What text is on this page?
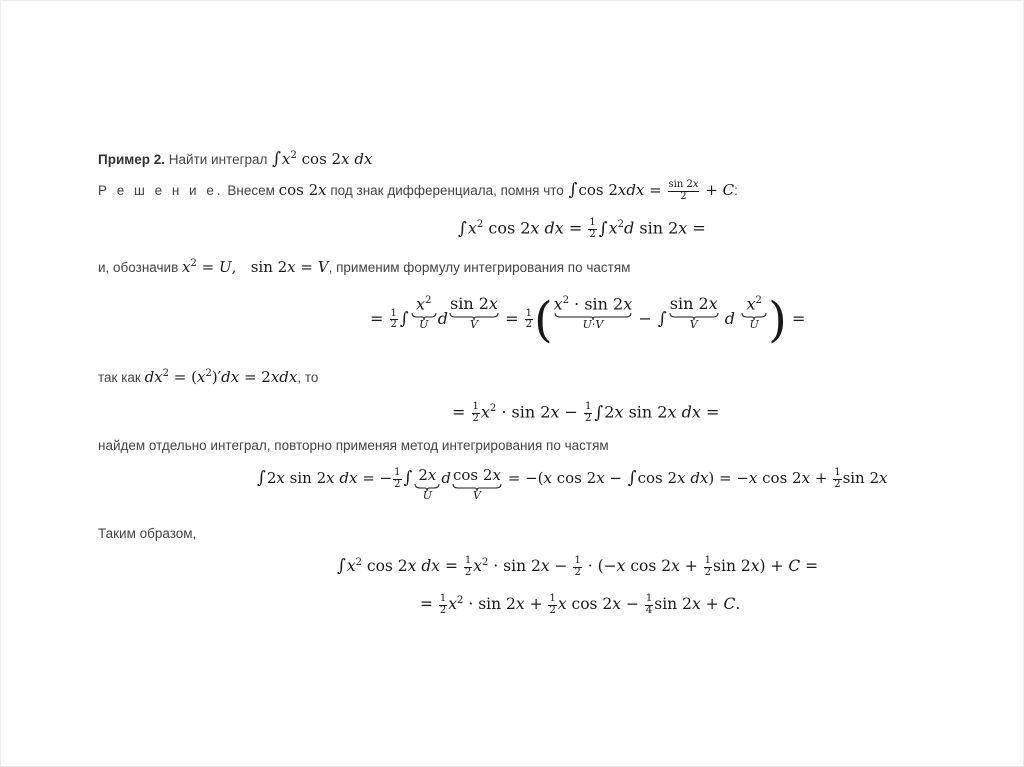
Пример 2. Найти интеграл $\int x^2$ cos 2x dx
Р е ш е н и е. Внесем cos 2x под знак дифференциала, помня что ∫cos $2xdx = \frac{\sin 2x}{2} + C$:
$\int x^2$ cos 2x dx = $\frac{1}{2} \int x^2d$ sin 2x =
и, обозначив $x^2 = U$,   sin 2x = V, применим формулу интегрирования по частям
= $\frac{1}{2}$ ∫
$x^2$
U d
sin 2x
$V = \frac{1}{2}$ ( $x^2 \cdot \sin 2x$
U·V − ∫
sin 2x
V d
$x^2$
U ) =
так как $dx^2 = (x^2)'dx = 2xdx$, то
= $\frac{1}{2} x^2 \cdot \sin 2x - \frac{1}{2} \int 2x$ sin 2x dx =
найдем отдельно интеграл, повторно применяя метод интегрирования по частям
∫2x sin 2x dx = − $\frac{1}{2}$ ∫ 2x
U
d cos 2x
V
= −(x cos 2x − ∫cos 2x dx) = −x $\cos 2x + \frac{1}{2}$ sin 2x
Таким образом,
$\int x^2$ cos 2x dx = $\frac{1}{2} x^2 \cdot \sin 2x - \frac{1}{2} \cdot (-x$ $\cos 2x + \frac{1}{2}$ sin 2x) + C =
= $\frac{1}{2} x^2 \cdot \sin 2x + \frac{1}{2}$ x $\cos 2x - \frac{1}{4}$ sin 2x + C.
